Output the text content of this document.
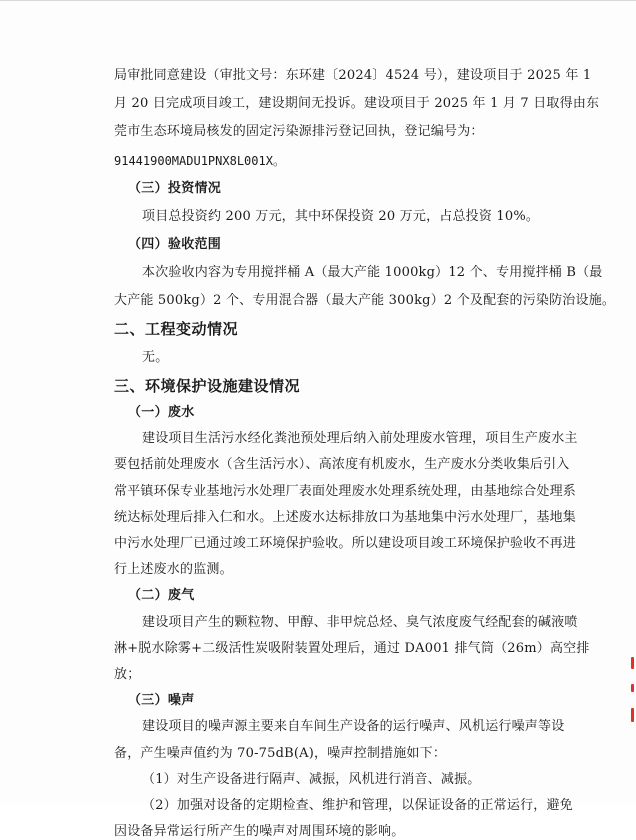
局审批同意建设（审批文号：东环建〔2024〕4524 号），建设项目于 2025 年 1
月 20 日完成项目竣工，建设期间无投诉。建设项目于 2025 年 1 月 7 日取得由东
莞市生态环境局核发的固定污染源排污登记回执，登记编号为：
91441900MADU1PNX8L001X。
（三）投资情况
项目总投资约 200 万元，其中环保投资 20 万元，占总投资 10%。
（四）验收范围
本次验收内容为专用搅拌桶 A（最大产能 1000kg）12 个、专用搅拌桶 B（最
大产能 500kg）2 个、专用混合器（最大产能 300kg）2 个及配套的污染防治设施。
二、工程变动情况
无。
三、环境保护设施建设情况
（一）废水
建设项目生活污水经化粪池预处理后纳入前处理废水管理，项目生产废水主
要包括前处理废水（含生活污水）、高浓度有机废水，生产废水分类收集后引入
常平镇环保专业基地污水处理厂表面处理废水处理系统处理，由基地综合处理系
统达标处理后排入仁和水。上述废水达标排放口为基地集中污水处理厂，基地集
中污水处理厂已通过竣工环境保护验收。所以建设项目竣工环境保护验收不再进
行上述废水的监测。
（二）废气
建设项目产生的颗粒物、甲醇、非甲烷总烃、臭气浓度废气经配套的碱液喷
淋+脱水除雾+二级活性炭吸附装置处理后，通过 DA001 排气筒（26m）高空排
放；
（三）噪声
建设项目的噪声源主要来自车间生产设备的运行噪声、风机运行噪声等设
备，产生噪声值约为 70-75dB(A)，噪声控制措施如下：
（1）对生产设备进行隔声、减振，风机进行消音、减振。
（2）加强对设备的定期检查、维护和管理，以保证设备的正常运行，避免
因设备异常运行所产生的噪声对周围环境的影响。
